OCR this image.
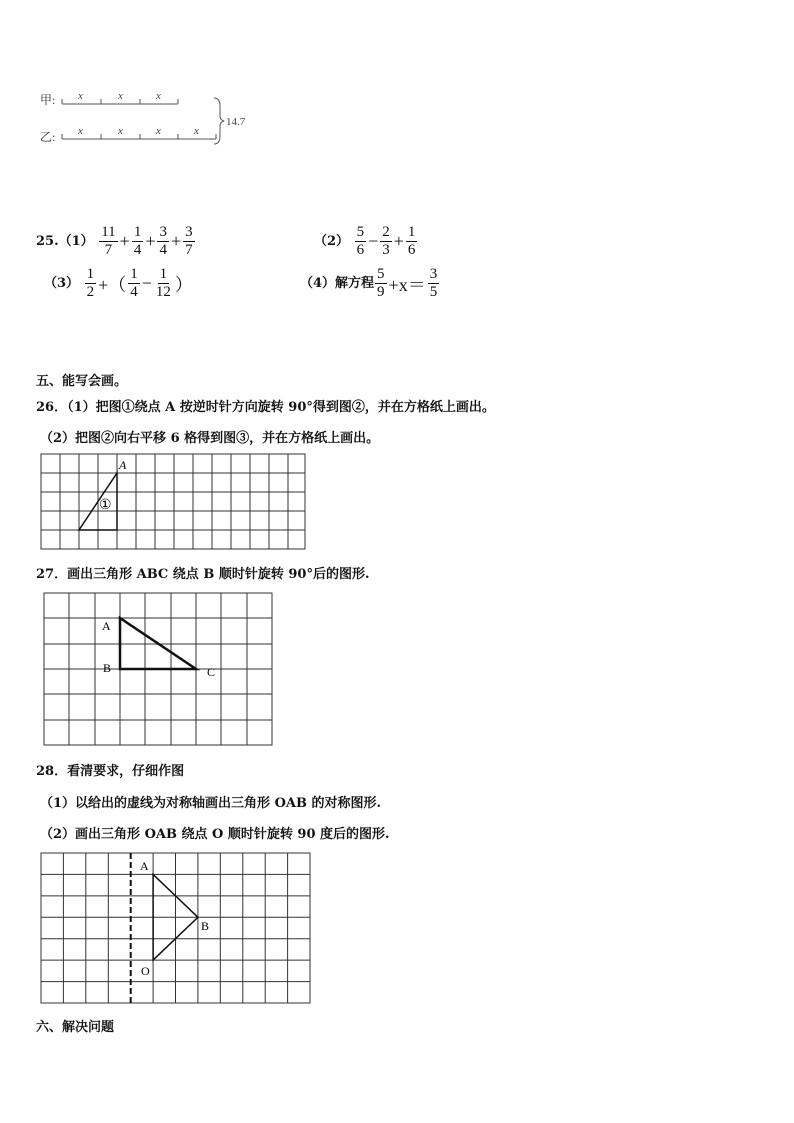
甲:
乙:
x	x	x
x	x	x	x
14.7
$25.(1) \frac{11}{7} + \frac{1}{4} + \frac{3}{4} + \frac{3}{7}$	$(2) \frac{5}{6} - \frac{2}{3} + \frac{1}{6}$
$(3) \frac{1}{2}$ +（ $\frac{1}{4} - \frac{1}{12}$ ）	（4）解方程 $\frac{5}{9} +x= \frac{3}{5}$
五、能写会画。
26．（1）把图①绕点 A 按逆时针方向旋转 90°得到图②，并在方格纸上画出。
（2）把图②向右平移 6 格得到图③，并在方格纸上画出。
A
①
27．画出三角形 ABC 绕点 B 顺时针旋转 90°后的图形.
A
B	C
28．看清要求，仔细作图
（1）以给出的虚线为对称轴画出三角形 OAB 的对称图形.
（2）画出三角形 OAB 绕点 O 顺时针旋转 90 度后的图形.
A
B
O
六、解决问题
